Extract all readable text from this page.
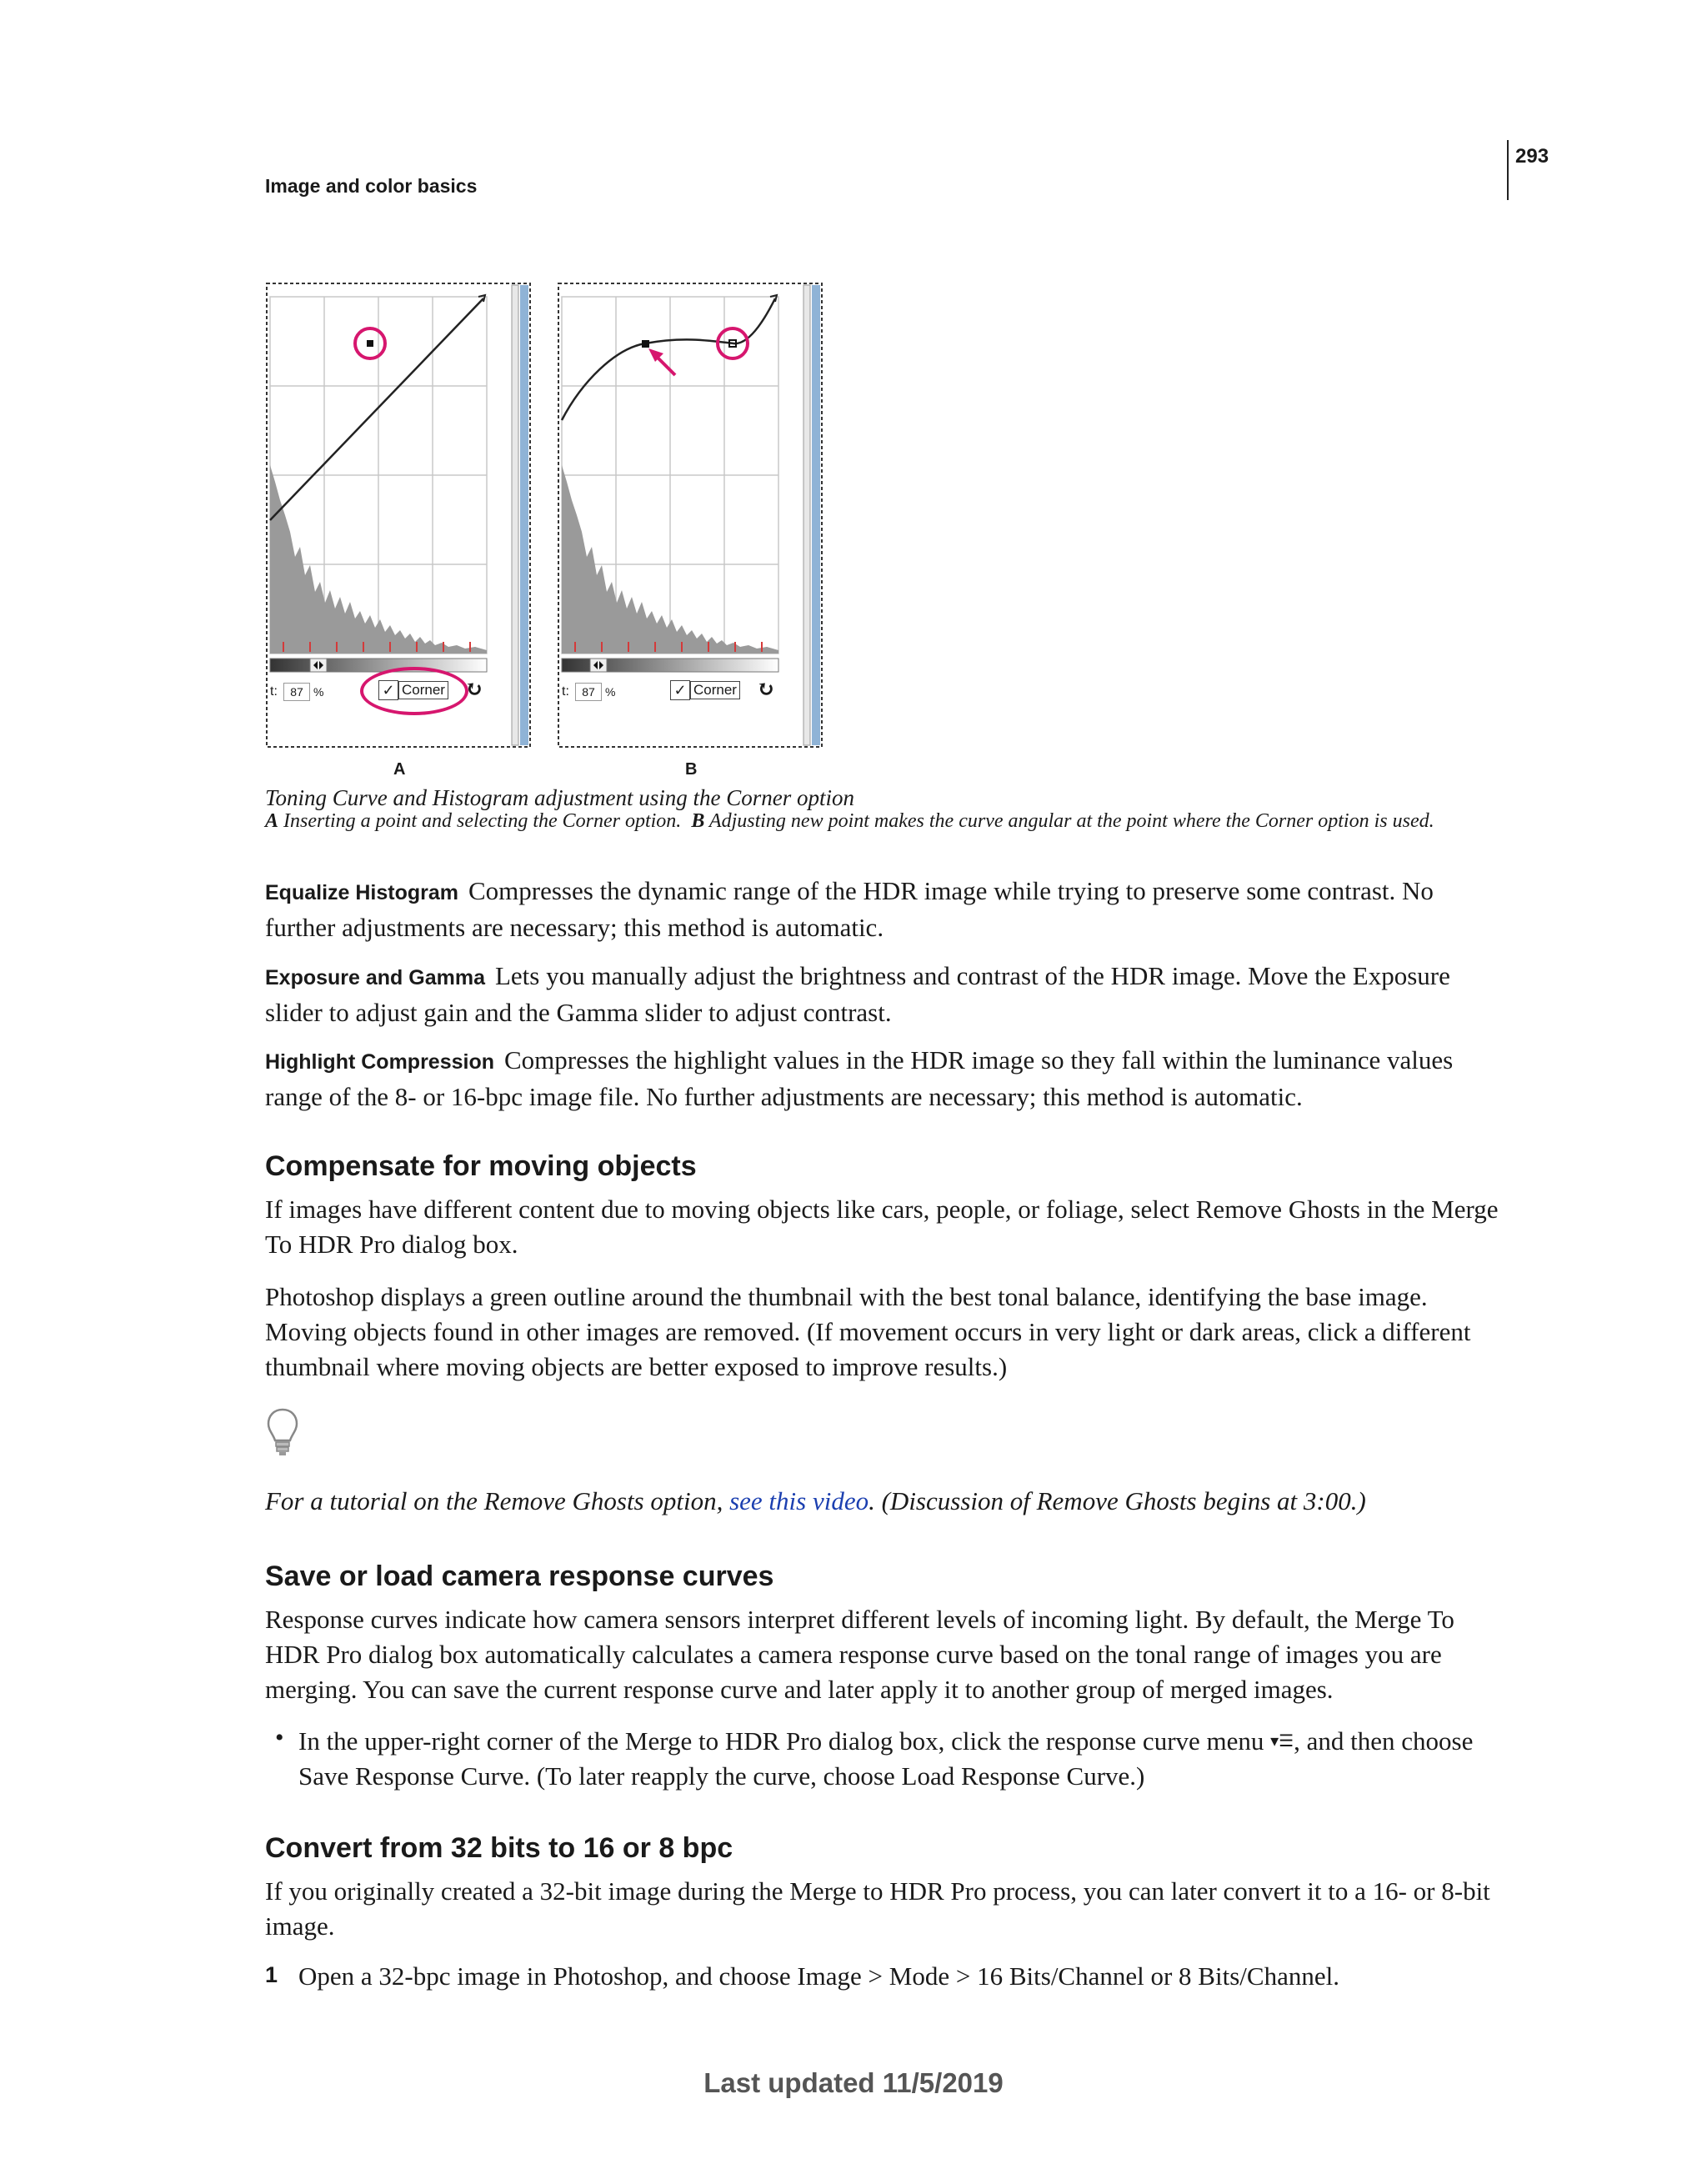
293
Image and color basics
t:	87 %	✓ Corner ↻
A
t:	87 %	✓ Corner ↻
B
Toning Curve and Histogram adjustment using the Corner option
A Inserting a point and selecting the Corner option. B Adjusting new point makes the curve angular at the point where the Corner option is used.
Equalize Histogram Compresses the dynamic range of the HDR image while trying to preserve some contrast. No further adjustments are necessary; this method is automatic.
Exposure and Gamma Lets you manually adjust the brightness and contrast of the HDR image. Move the Exposure slider to adjust gain and the Gamma slider to adjust contrast.
Highlight Compression Compresses the highlight values in the HDR image so they fall within the luminance values range of the 8- or 16-bpc image file. No further adjustments are necessary; this method is automatic.
Compensate for moving objects
If images have different content due to moving objects like cars, people, or foliage, select Remove Ghosts in the Merge To HDR Pro dialog box.
Photoshop displays a green outline around the thumbnail with the best tonal balance, identifying the base image. Moving objects found in other images are removed. (If movement occurs in very light or dark areas, click a different thumbnail where moving objects are better exposed to improve results.)
For a tutorial on the Remove Ghosts option, see this video. (Discussion of Remove Ghosts begins at 3:00.)
Save or load camera response curves
Response curves indicate how camera sensors interpret different levels of incoming light. By default, the Merge To HDR Pro dialog box automatically calculates a camera response curve based on the tonal range of images you are merging. You can save the current response curve and later apply it to another group of merged images.
• In the upper-right corner of the Merge to HDR Pro dialog box, click the response curve menu ▾☰, and then choose Save Response Curve. (To later reapply the curve, choose Load Response Curve.)
Convert from 32 bits to 16 or 8 bpc
If you originally created a 32-bit image during the Merge to HDR Pro process, you can later convert it to a 16- or 8-bit image.
1 Open a 32-bpc image in Photoshop, and choose Image > Mode > 16 Bits/Channel or 8 Bits/Channel.
Last updated 11/5/2019
